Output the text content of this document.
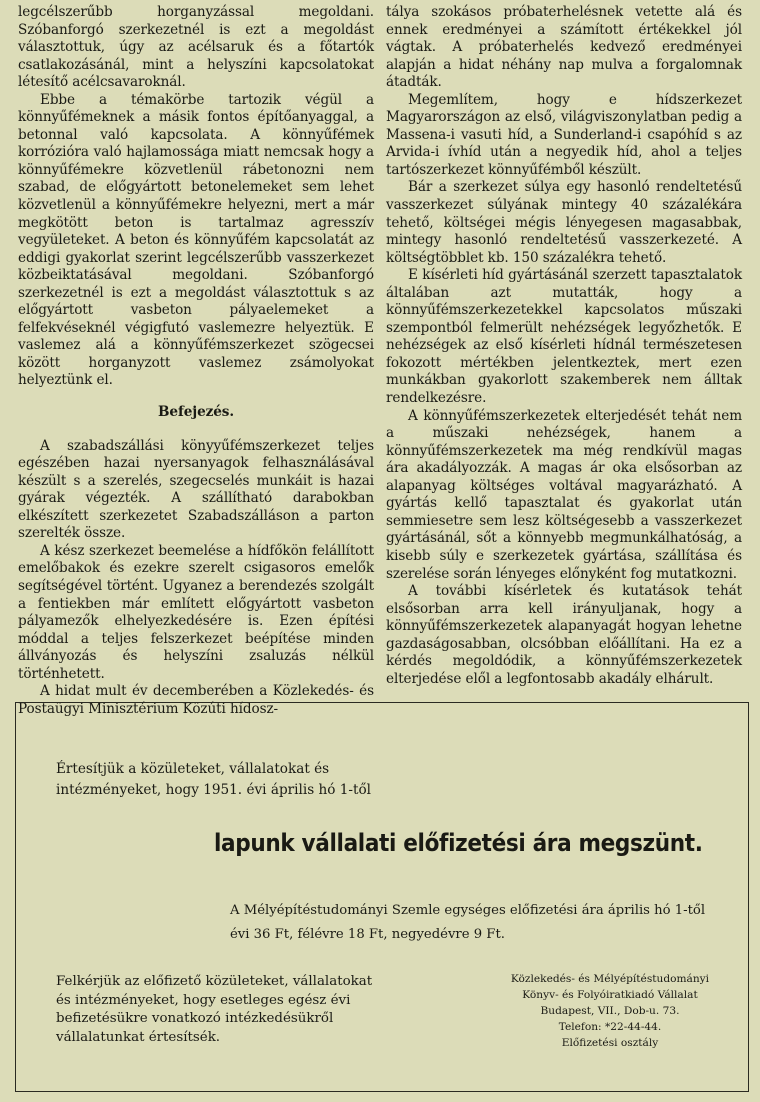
legcélszerűbb horganyzással megoldani. Szóbanforgó szerkezetnél is ezt a megoldást választottuk, úgy az acélsaruk és a főtartók csatlakozásánál, mint a helyszíni kapcsolatokat létesítő acélcsavaroknál.

Ebbe a témakörbe tartozik végül a könnyűfémeknek a másik fontos építőanyaggal, a betonnal való kapcsolata. A könnyűfémek korrózióra való hajlamossága miatt nemcsak hogy a könnyűfémekre közvetlenül rábetonozni nem szabad, de előgyártott betonelemeket sem lehet közvetlenül a könnyűfémekre helyezni, mert a már megkötött beton is tartalmaz agresszív vegyületeket. A beton és könnyűfém kapcsolatát az eddigi gyakorlat szerint legcélszerűbb vasszerkezet közbeiktatásával megoldani. Szóbanforgó szerkezetnél is ezt a megoldást választottuk s az előgyártott vasbeton pályaelemeket a felfekvéseknél végigfutó vaslemezre helyeztük. E vaslemez alá a könnyűfémszerkezet szögecsei között horganyzott vaslemez zsámolyokat helyeztünk el.

Befejezés.

A szabadszállási könyyűfémszerkezet teljes egészében hazai nyersanyagok felhasználásával készült s a szerelés, szegecselés munkáit is hazai gyárak végezték. A szállítható darabokban elkészített szerkezetet Szabadszálláson a parton szerelték össze.

A kész szerkezet beemelése a hídfőkön felállított emelőbakok és ezekre szerelt csigasoros emelők segítségével történt. Ugyanez a berendezés szolgált a fentiekben már említett előgyártott vasbeton pályamezők elhelyezkedésére is. Ezen építési móddal a teljes felszerkezet beépítése minden állványozás és helyszíni zsaluzás nélkül történhetett.

A hidat mult év decemberében a Közlekedés- és Postaügyi Minisztérium Közúti hídosz-

tálya szokásos próbaterhelésnek vetette alá és ennek eredményei a számított értékekkel jól vágtak. A próbaterhelés kedvező eredményei alapján a hidat néhány nap mulva a forgalomnak átadták.

Megemlítem, hogy e hídszerkezet Magyarországon az első, világviszonylatban pedig a Massena-i vasuti híd, a Sunderland-i csapóhíd s az Arvida-i ívhíd után a negyedik híd, ahol a teljes tartószerkezet könnyűfémből készült.

Bár a szerkezet súlya egy hasonló rendeltetésű vasszerkezet súlyának mintegy 40 százalékára tehető, költségei mégis lényegesen magasabbak, mintegy hasonló rendeltetésű vasszerkezeté. A költségtöbblet kb. 150 százalékra tehető.

E kísérleti híd gyártásánál szerzett tapasztalatok általában azt mutatták, hogy a könnyűfémszerkezetekkel kapcsolatos műszaki szempontból felmerült nehézségek legyőzhetők. E nehézségek az első kísérleti hídnál természetesen fokozott mértékben jelentkeztek, mert ezen munkákban gyakorlott szakemberek nem álltak rendelkezésre.

A könnyűfémszerkezetek elterjedését tehát nem a műszaki nehézségek, hanem a könnyűfémszerkezetek ma még rendkívül magas ára akadályozzák. A magas ár oka elsősorban az alapanyag költséges voltával magyarázható. A gyártás kellő tapasztalat és gyakorlat után semmiesetre sem lesz költségesebb a vasszerkezet gyártásánál, sőt a könnyebb megmunkálhatóság, a kisebb súly e szerkezetek gyártása, szállítása és szerelése során lényeges előnyként fog mutatkozni.

A további kísérletek és kutatások tehát elsősorban arra kell irányuljanak, hogy a könnyűfémszerkezetek alapanyagát hogyan lehetne gazdaságosabban, olcsóbban előállítani. Ha ez a kérdés megoldódik, a könnyűfémszerkezetek elterjedése elől a legfontosabb akadály elhárult.

Értesítjük a közületeket, vállalatokat és intézményeket, hogy 1951. évi április hó 1-től
lapunk vállalati előfizetési ára megszünt.
A Mélyépítéstudományi Szemle egységes előfizetési ára április hó 1-től
évi 36 Ft, félévre 18 Ft, negyedévre 9 Ft.
Felkérjük az előfizető közületeket, vállalatokat és intézményeket, hogy esetleges egész évi befizetésükre vonatkozó intézkedésükről vállalatunkat értesítsék.
Közlekedés- és Mélyépítéstudományi
Könyv- és Folyóiratkiadó Vállalat
Budapest, VII., Dob-u. 73.
Telefon: *22-44-44.
Előfizetési osztály
